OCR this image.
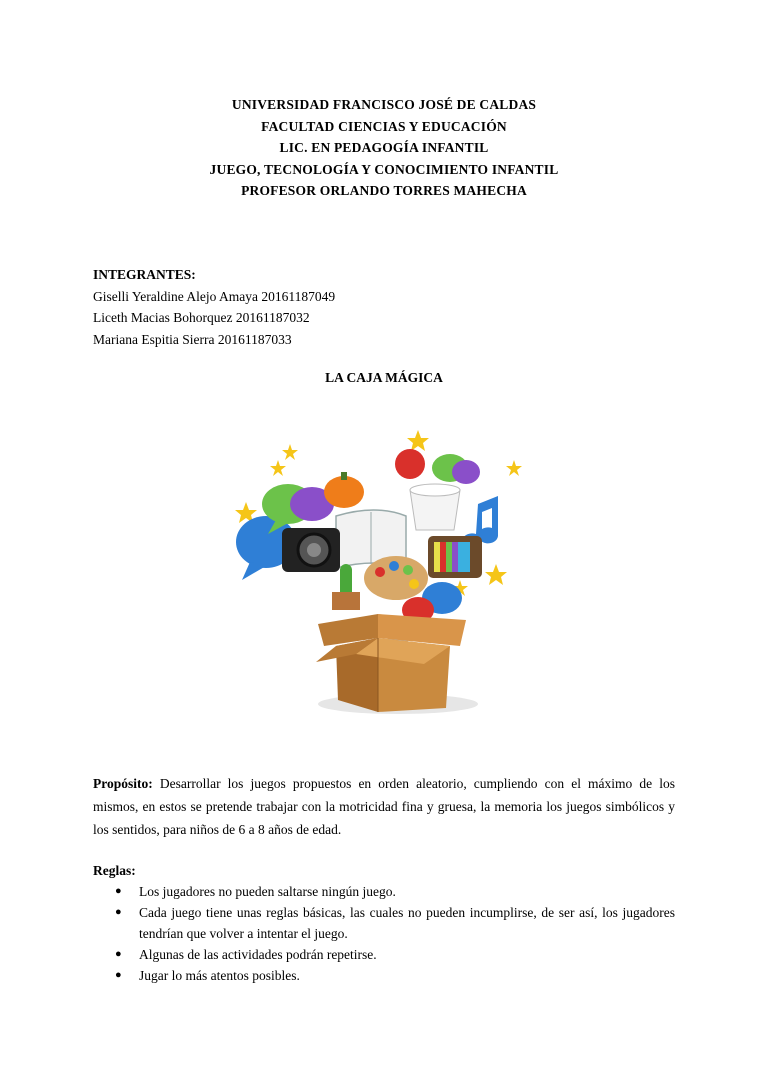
UNIVERSIDAD FRANCISCO JOSÉ DE CALDAS
FACULTAD CIENCIAS Y EDUCACIÓN
LIC. EN PEDAGOGÍA INFANTIL
JUEGO, TECNOLOGÍA Y CONOCIMIENTO INFANTIL
PROFESOR ORLANDO TORRES MAHECHA
INTEGRANTES:
Giselli Yeraldine Alejo Amaya 20161187049
Liceth Macias Bohorquez 20161187032
Mariana Espitia Sierra 20161187033
LA CAJA MÁGICA
Propósito: Desarrollar los juegos propuestos en orden aleatorio, cumpliendo con el máximo de los mismos, en estos se pretende trabajar con la motricidad fina y gruesa, la memoria los juegos simbólicos y los sentidos, para niños de 6 a 8 años de edad.
Reglas:
● Los jugadores no pueden saltarse ningún juego.
● Cada juego tiene unas reglas básicas, las cuales no pueden incumplirse, de ser así, los jugadores tendrían que volver a intentar el juego.
● Algunas de las actividades podrán repetirse.
● Jugar lo más atentos posibles.
